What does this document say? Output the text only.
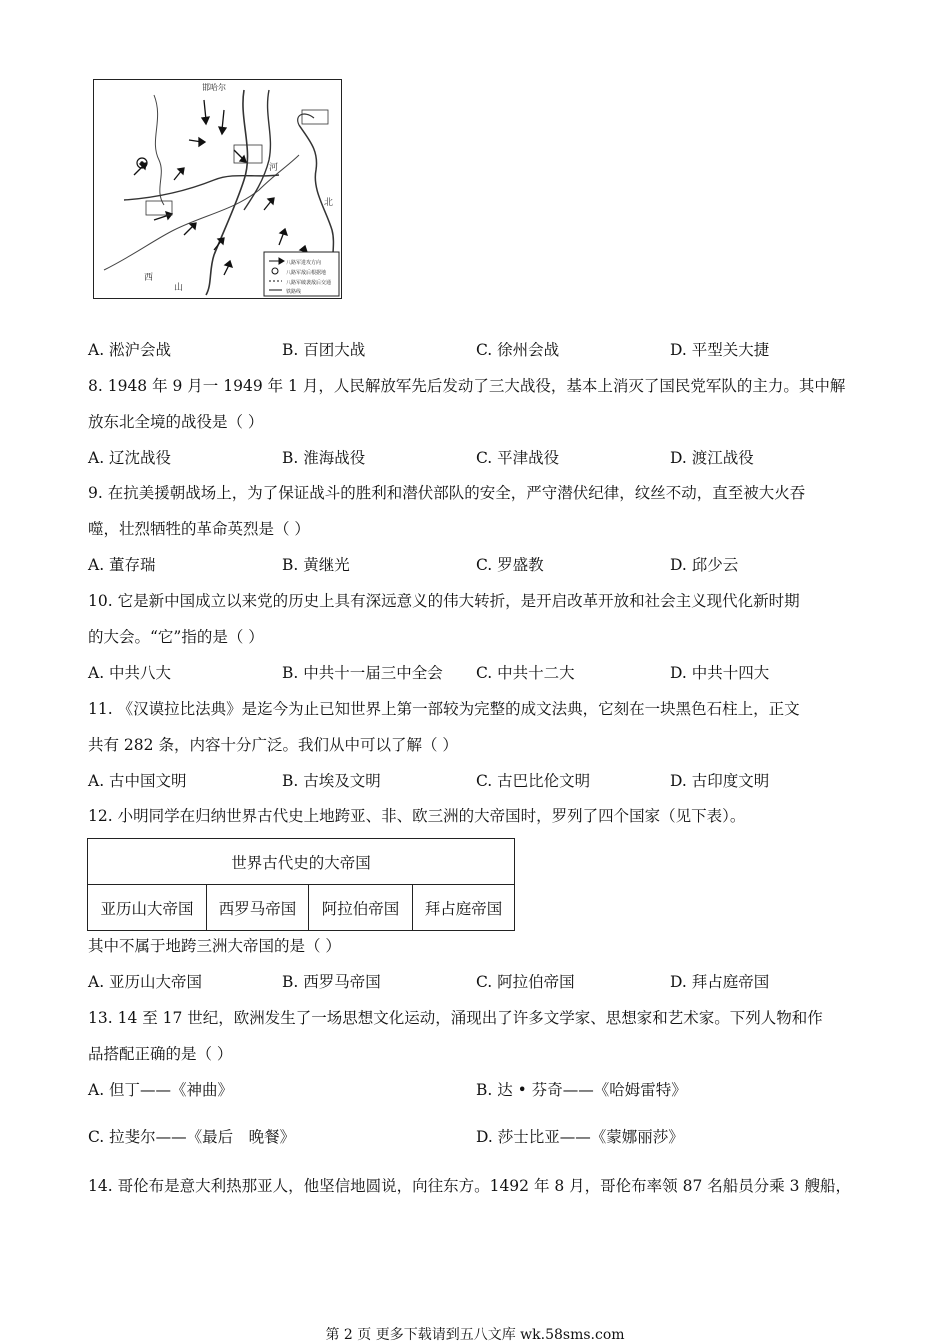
邯哈尔
山
西
河
北
八路军进攻方向
八路军敌后根据地
八路军破袭敌后交通
铁路线
A. 淞沪会战	B. 百团大战	C. 徐州会战	D. 平型关大捷
8. 1948 年 9 月一 1949 年 1 月，人民解放军先后发动了三大战役，基本上消灭了国民党军队的主力。其中解
放东北全境的战役是（ ）
A. 辽沈战役	B. 淮海战役	C. 平津战役	D. 渡江战役
9. 在抗美援朝战场上，为了保证战斗的胜利和潜伏部队的安全，严守潜伏纪律，纹丝不动，直至被大火吞
噬，壮烈牺牲的革命英烈是（ ）
A. 董存瑞	B. 黄继光	C. 罗盛教	D. 邱少云
10. 它是新中国成立以来党的历史上具有深远意义的伟大转折，是开启改革开放和社会主义现代化新时期
的大会。“它”指的是（ ）
A. 中共八大	B. 中共十一届三中全会 C. 中共十二大	D. 中共十四大
11. 《汉谟拉比法典》是迄今为止已知世界上第一部较为完整的成文法典，它刻在一块黑色石柱上，正文
共有 282 条，内容十分广泛。我们从中可以了解（ ）
A. 古中国文明	B. 古埃及文明	C. 古巴比伦文明	D. 古印度文明
12. 小明同学在归纳世界古代史上地跨亚、非、欧三洲的大帝国时，罗列了四个国家（见下表）。
世界古代史的大帝国
亚历山大帝国	西罗马帝国	阿拉伯帝国	拜占庭帝国
其中不属于地跨三洲大帝国的是（ ）
A. 亚历山大帝国	B. 西罗马帝国	C. 阿拉伯帝国	D. 拜占庭帝国
13. 14 至 17 世纪，欧洲发生了一场思想文化运动，涌现出了许多文学家、思想家和艺术家。下列人物和作
品搭配正确的是（ ）
A. 但丁——《神曲》	B. 达 • 芬奇——《哈姆雷特》
C. 拉斐尔——《最后　晚餐》	D. 莎士比亚——《蒙娜丽莎》
14. 哥伦布是意大利热那亚人，他坚信地圆说，向往东方。1492 年 8 月，哥伦布率领 87 名船员分乘 3 艘船，
第 2 页 更多下载请到五八文库 wk.58sms.com
